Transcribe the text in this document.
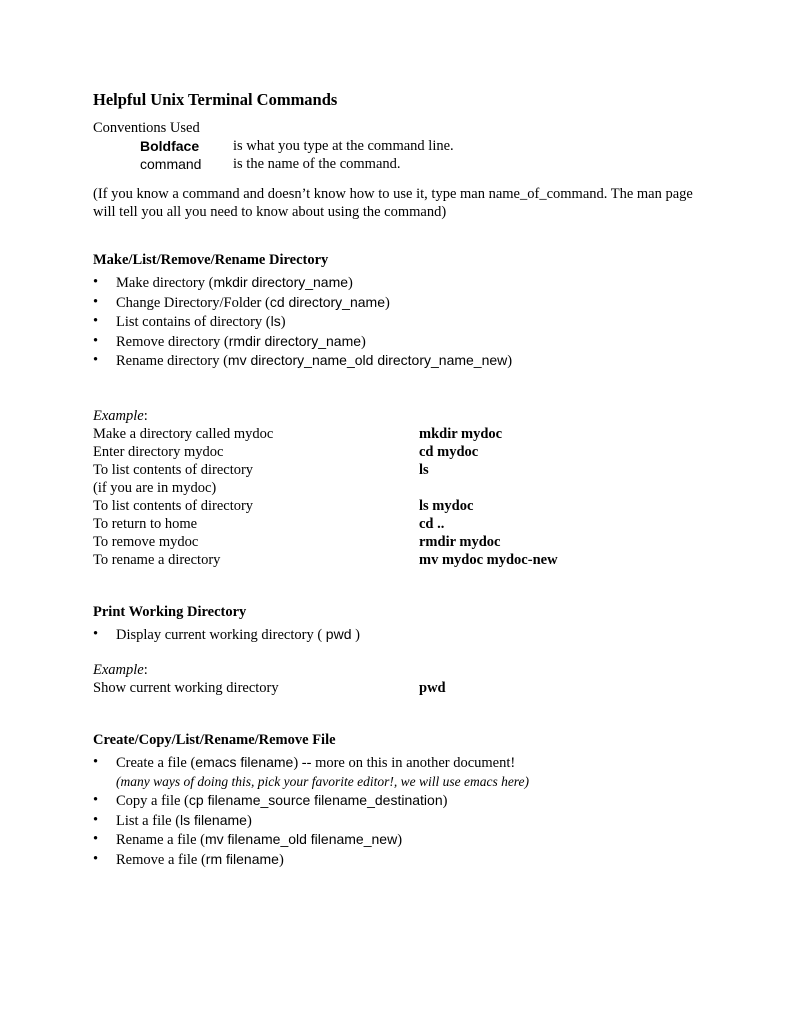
Helpful Unix Terminal Commands
Conventions Used
Boldface	is what you type at the command line.
command	is the name of the command.

(If you know a command and doesn’t know how to use it, type man name_of_command. The man page will tell you all you need to know about using the command)

Make/List/Remove/Rename Directory
• Make directory (mkdir directory_name)
• Change Directory/Folder (cd directory_name)
• List contains of directory (ls)
• Remove directory (rmdir directory_name)
• Rename directory (mv directory_name_old directory_name_new)
Example:
Make a directory called mydoc	mkdir mydoc
Enter directory mydoc	cd mydoc
To list contents of directory	ls
(if you are in mydoc)
To list contents of directory	ls mydoc
To return to home	cd ..
To remove mydoc	rmdir mydoc
To rename a directory	mv mydoc mydoc-new
Print Working Directory
• Display current working directory ( pwd )
Example:
Show current working directory	pwd
Create/Copy/List/Rename/Remove File
• Create a file (emacs filename) -- more on this in another document!
(many ways of doing this, pick your favorite editor!, we will use emacs here)
• Copy a file (cp filename_source filename_destination)
• List a file (ls filename)
• Rename a file (mv filename_old filename_new)
• Remove a file (rm filename)
